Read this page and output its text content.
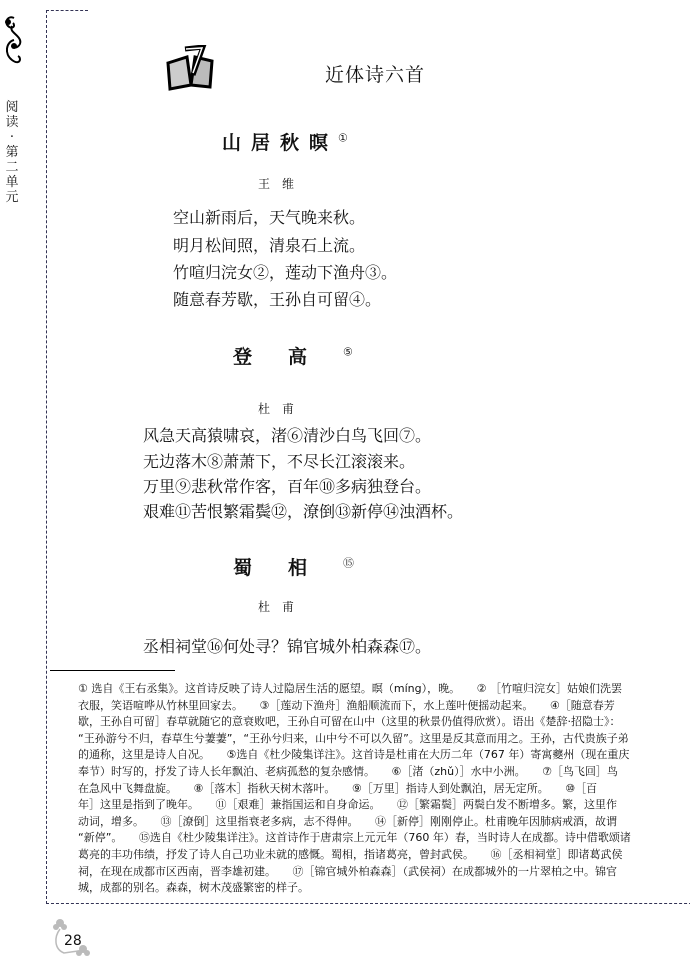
阅读·第二单元
近体诗六首
山居秋暝①
王维
空山新雨后，天气晚来秋。
明月松间照，清泉石上流。
竹喧归浣女②，莲动下渔舟③。
随意春芳歇，王孙自可留④。
登高⑤
杜甫
风急天高猿啸哀，渚⑥清沙白鸟飞回⑦。
无边落木⑧萧萧下，不尽长江滚滚来。
万里⑨悲秋常作客，百年⑩多病独登台。
艰难⑪苦恨繁霜鬓⑫，潦倒⑬新停⑭浊酒杯。
蜀相⑮
杜甫
丞相祠堂⑯何处寻？锦官城外柏森森⑰。
① 选自《王右丞集》。这首诗反映了诗人过隐居生活的愿望。暝（míng），晚。　　② ［竹喧归浣女］姑娘们洗罢
衣服，笑语喧哗从竹林里回家去。　　③［莲动下渔舟］渔船顺流而下，水上莲叶便摇动起来。　　④［随意春芳
歇，王孙自可留］春草就随它的意衰败吧，王孙自可留在山中（这里的秋景仍值得欣赏）。语出《楚辞·招隐士》：
“王孙游兮不归，春草生兮萋萋”，“王孙兮归来，山中兮不可以久留”。这里是反其意而用之。王孙，古代贵族子弟
的通称，这里是诗人自况。　　⑤选自《杜少陵集详注》。这首诗是杜甫在大历二年（767 年）寄寓夔州（现在重庆
奉节）时写的，抒发了诗人长年飘泊、老病孤愁的复杂感情。　　⑥［渚（zhǔ）］水中小洲。　　⑦［鸟飞回］鸟
在急风中飞舞盘旋。　　⑧［落木］指秋天树木落叶。　　⑨［万里］指诗人到处飘泊，居无定所。　　⑩［百
年］这里是指到了晚年。　　⑪［艰难］兼指国运和自身命运。　　⑫［繁霜鬓］两鬓白发不断增多。繁，这里作
动词，增多。　　⑬［潦倒］这里指衰老多病，志不得伸。　　⑭［新停］刚刚停止。杜甫晚年因肺病戒酒，故谓
“新停”。　　⑮选自《杜少陵集详注》。这首诗作于唐肃宗上元元年（760 年）春，当时诗人在成都。诗中借歌颂诸
葛亮的丰功伟绩，抒发了诗人自己功业未就的感慨。蜀相，指诸葛亮，曾封武侯。　　⑯［丞相祠堂］即诸葛武侯
祠，在现在成都市区西南，晋李雄初建。　　⑰［锦官城外柏森森］（武侯祠）在成都城外的一片翠柏之中。锦官
城，成都的别名。森森，树木茂盛繁密的样子。
28
